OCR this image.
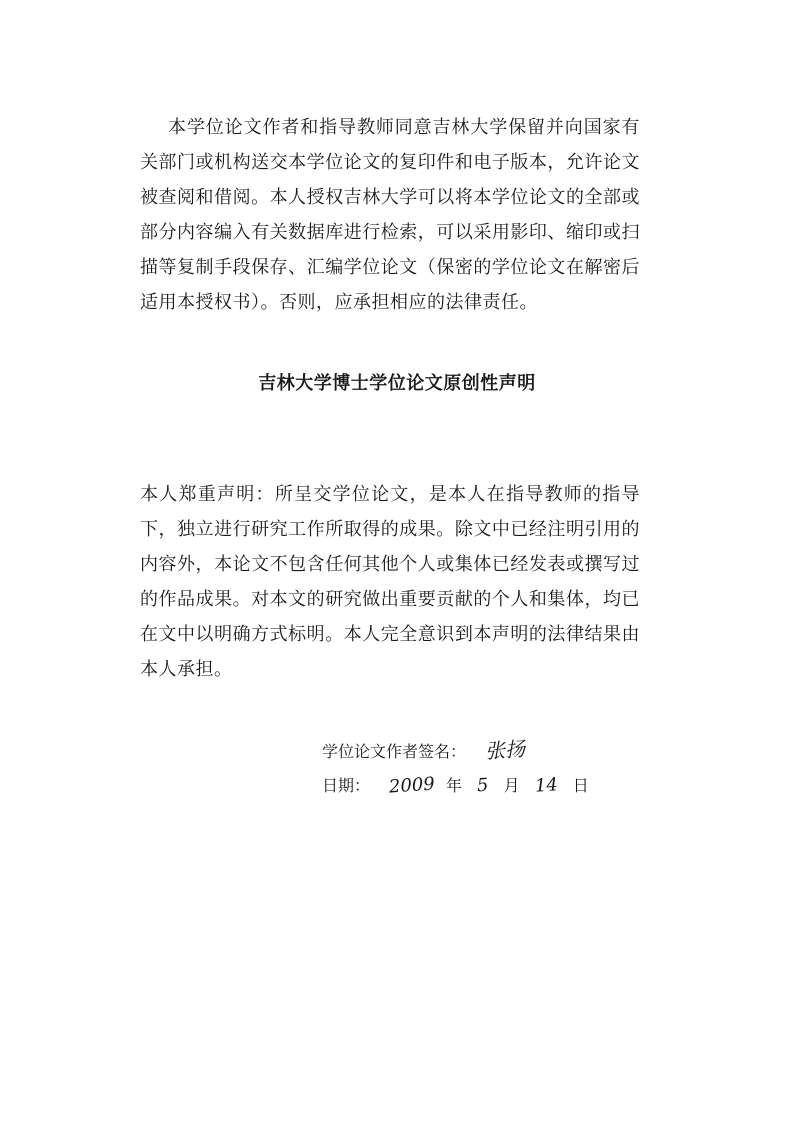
本学位论文作者和指导教师同意吉林大学保留并向国家有关部门或机构送交本学位论文的复印件和电子版本，允许论文被查阅和借阅。本人授权吉林大学可以将本学位论文的全部或部分内容编入有关数据库进行检索，可以采用影印、缩印或扫描等复制手段保存、汇编学位论文（保密的学位论文在解密后适用本授权书）。否则，应承担相应的法律责任。

吉林大学博士学位论文原创性声明

本人郑重声明：所呈交学位论文，是本人在指导教师的指导下，独立进行研究工作所取得的成果。除文中已经注明引用的内容外，本论文不包含任何其他个人或集体已经发表或撰写过的作品成果。对本文的研究做出重要贡献的个人和集体，均已在文中以明确方式标明。本人完全意识到本声明的法律结果由本人承担。

学位论文作者签名： 张扬
日期： 2009 年 5 月 14 日
